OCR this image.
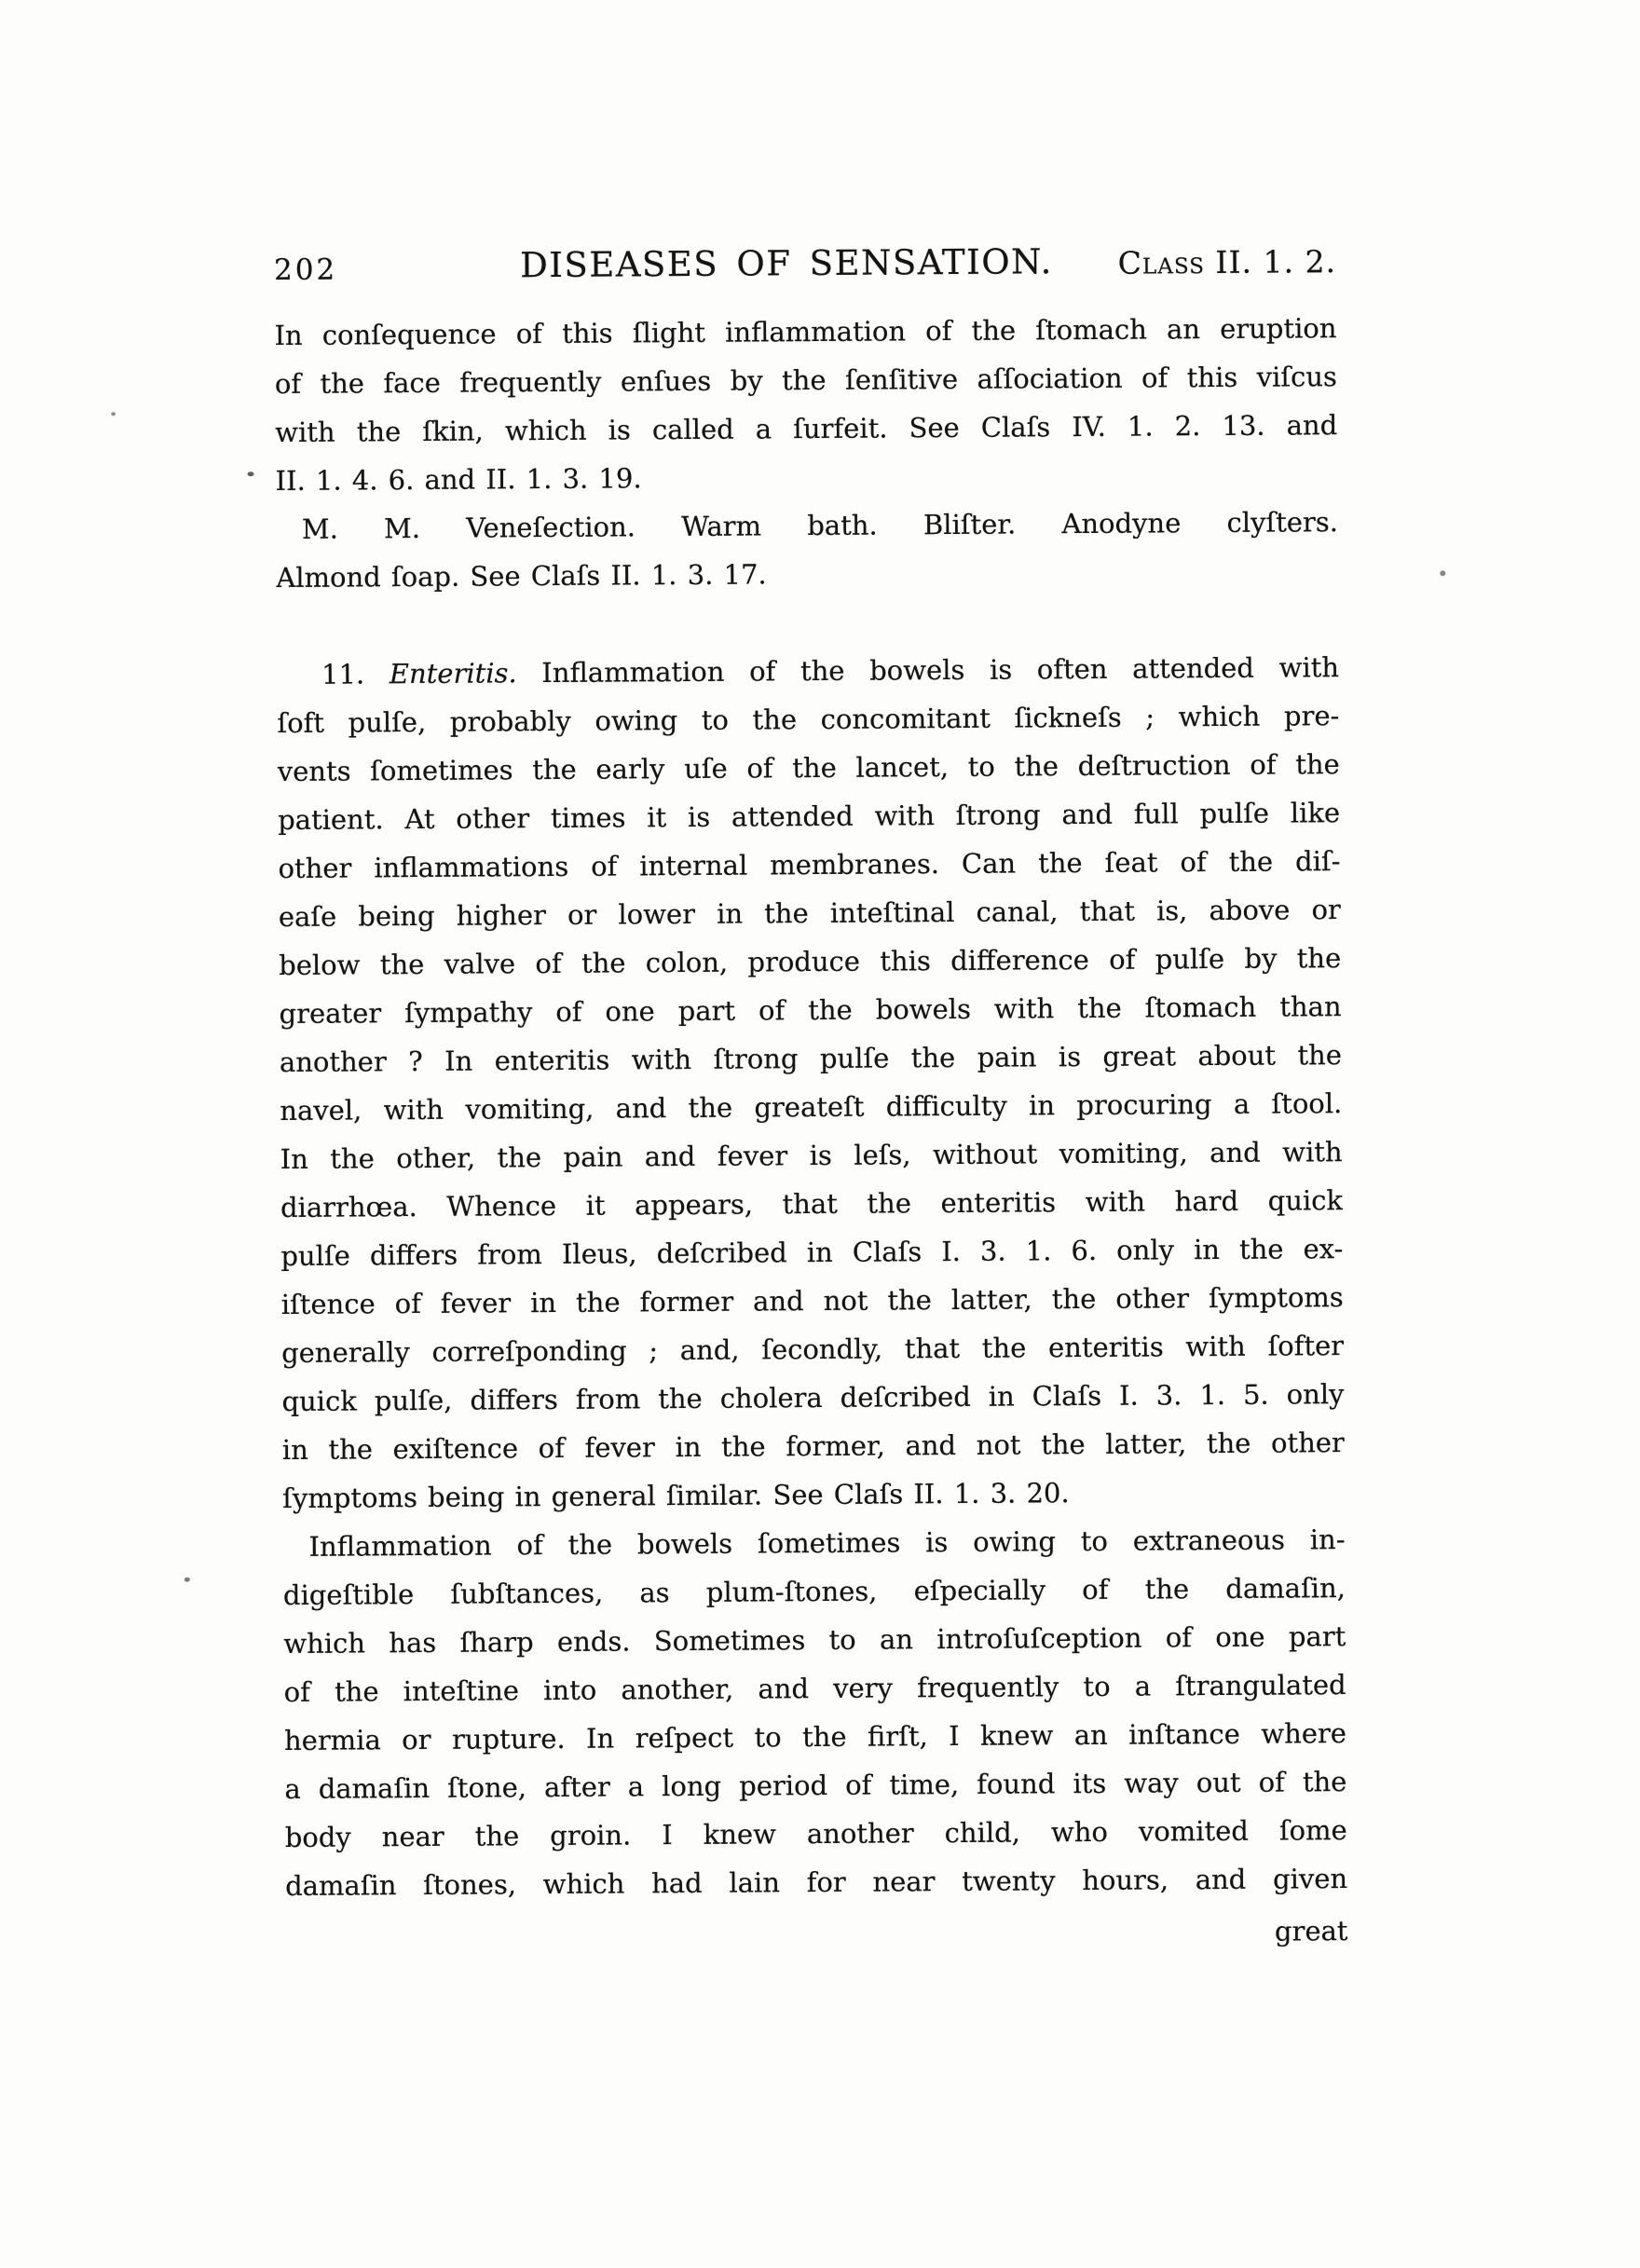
202	DISEASES OF SENSATION.	Class II. 1. 2.
In conſequence of this ſlight inflammation of the ſtomach an eruption
of the face frequently enſues by the ſenſitive aſſociation of this viſcus
with the ſkin, which is called a ſurfeit. See Claſs IV. 1. 2. 13. and
II. 1. 4. 6. and II. 1. 3. 19.
M. M. Veneſection. Warm bath. Bliſter. Anodyne clyſters.
Almond ſoap. See Claſs II. 1. 3. 17.
11. Enteritis. Inflammation of the bowels is often attended with
ſoft pulſe, probably owing to the concomitant ſickneſs ; which pre-
vents ſometimes the early uſe of the lancet, to the deſtruction of the
patient. At other times it is attended with ſtrong and full pulſe like
other inflammations of internal membranes. Can the ſeat of the diſ-
eaſe being higher or lower in the inteſtinal canal, that is, above or
below the valve of the colon, produce this difference of pulſe by the
greater ſympathy of one part of the bowels with the ſtomach than
another ? In enteritis with ſtrong pulſe the pain is great about the
navel, with vomiting, and the greateſt difficulty in procuring a ſtool.
In the other, the pain and fever is leſs, without vomiting, and with
diarrhœa. Whence it appears, that the enteritis with hard quick
pulſe differs from Ileus, deſcribed in Claſs I. 3. 1. 6. only in the ex-
iſtence of fever in the former and not the latter, the other ſymptoms
generally correſponding ; and, ſecondly, that the enteritis with ſofter
quick pulſe, differs from the cholera deſcribed in Claſs I. 3. 1. 5. only
in the exiſtence of fever in the former, and not the latter, the other
ſymptoms being in general ſimilar. See Claſs II. 1. 3. 20.
Inflammation of the bowels ſometimes is owing to extraneous in-
digeſtible ſubſtances, as plum-ſtones, eſpecially of the damaſin,
which has ſharp ends. Sometimes to an introſuſception of one part
of the inteſtine into another, and very frequently to a ſtrangulated
hermia or rupture. In reſpect to the firſt, I knew an inſtance where
a damaſin ſtone, after a long period of time, found its way out of the
body near the groin. I knew another child, who vomited ſome
damaſin ſtones, which had lain for near twenty hours, and given
great
